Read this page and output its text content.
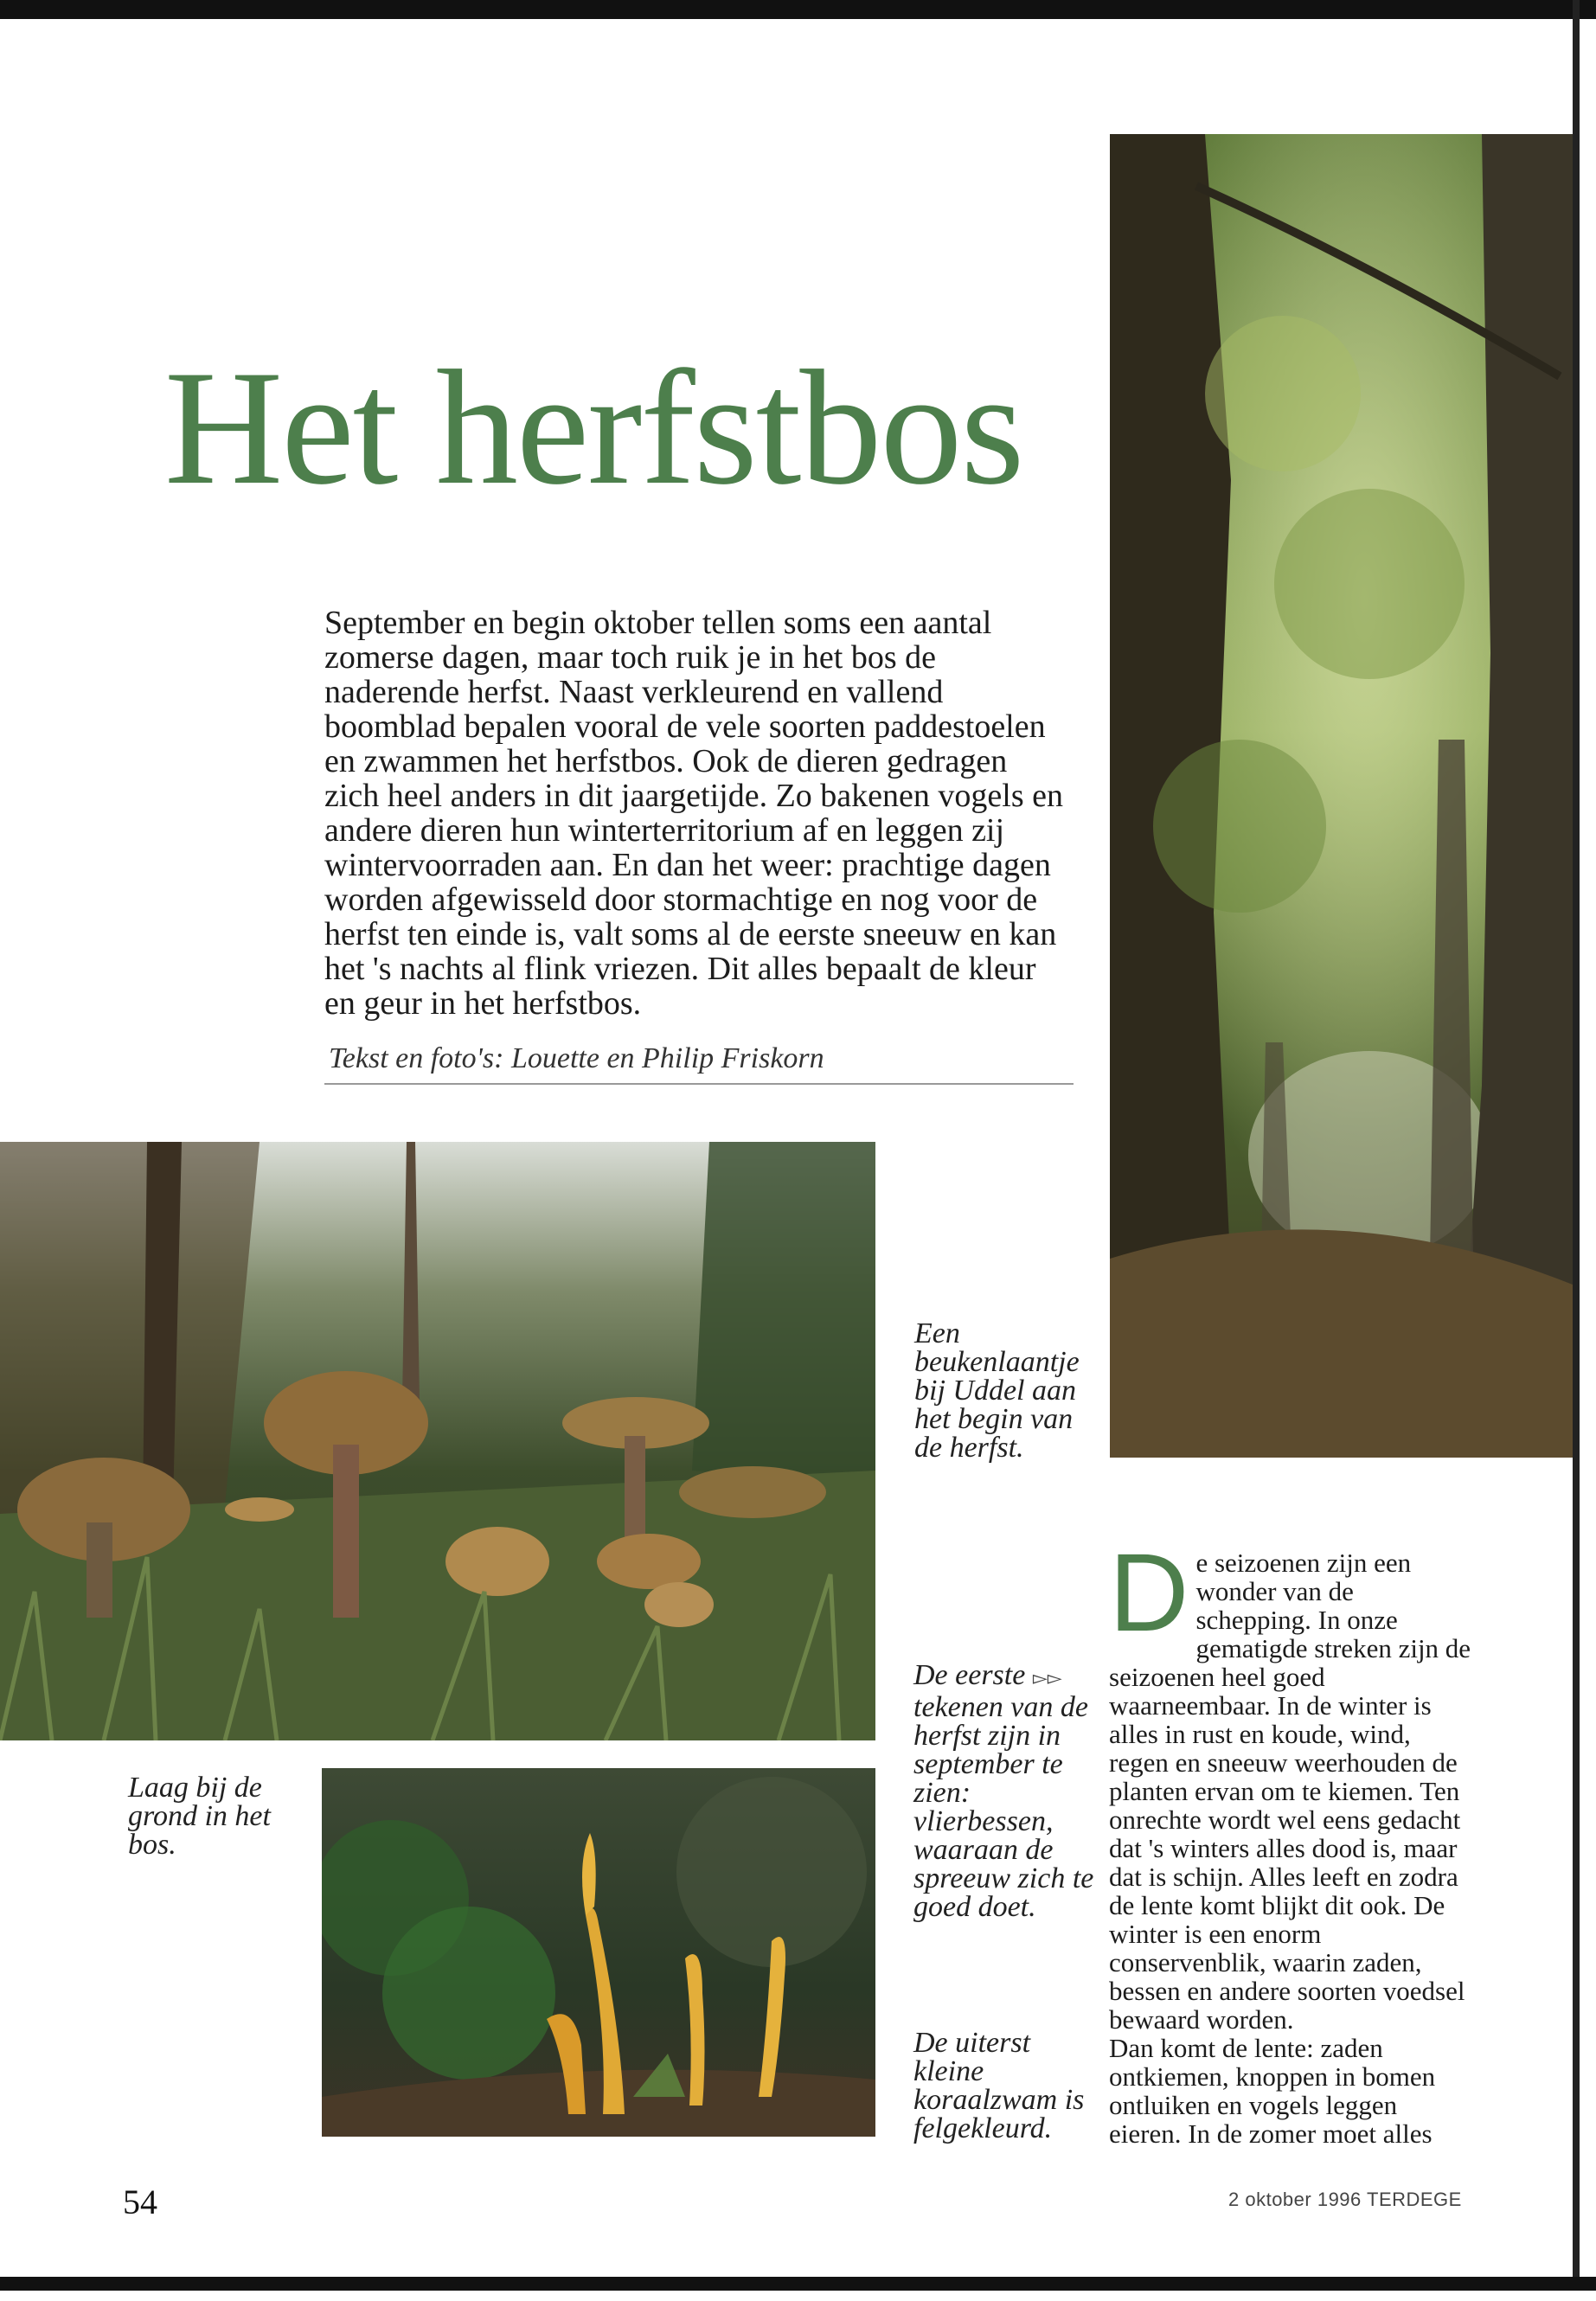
Het herfstbos

September en begin oktober tellen soms een aantal zomerse dagen, maar toch ruik je in het bos de naderende herfst. Naast verkleurend en vallend boomblad bepalen vooral de vele soorten paddestoelen en zwammen het herfstbos. Ook de dieren gedragen zich heel anders in dit jaargetijde. Zo bakenen vogels en andere dieren hun winterterritorium af en leggen zij wintervoorraden aan. En dan het weer: prachtige dagen worden afgewisseld door stormachtige en nog voor de herfst ten einde is, valt soms al de eerste sneeuw en kan het 's nachts al flink vriezen. Dit alles bepaalt de kleur en geur in het herfstbos.

Tekst en foto's: Louette en Philip Friskorn

Een beukenlaantje bij Uddel aan het begin van de herfst.

Laag bij de grond in het bos.

De eerste ▻▻ tekenen van de herfst zijn in september te zien: vlierbessen, waaraan de spreeuw zich te goed doet.

De uiterst kleine koraalzwam is felgekleurd.

De seizoenen zijn een wonder van de schepping. In onze gematigde streken zijn de seizoenen heel goed waarneembaar. In de winter is alles in rust en koude, wind, regen en sneeuw weerhouden de planten ervan om te kiemen. Ten onrechte wordt wel eens gedacht dat 's winters alles dood is, maar dat is schijn. Alles leeft en zodra de lente komt blijkt dit ook. De winter is een enorm conservenblik, waarin zaden, bessen en andere soorten voedsel bewaard worden.
Dan komt de lente: zaden ontkiemen, knoppen in bomen ontluiken en vogels leggen eieren. In de zomer moet alles

54	2 oktober 1996 TERDEGE
